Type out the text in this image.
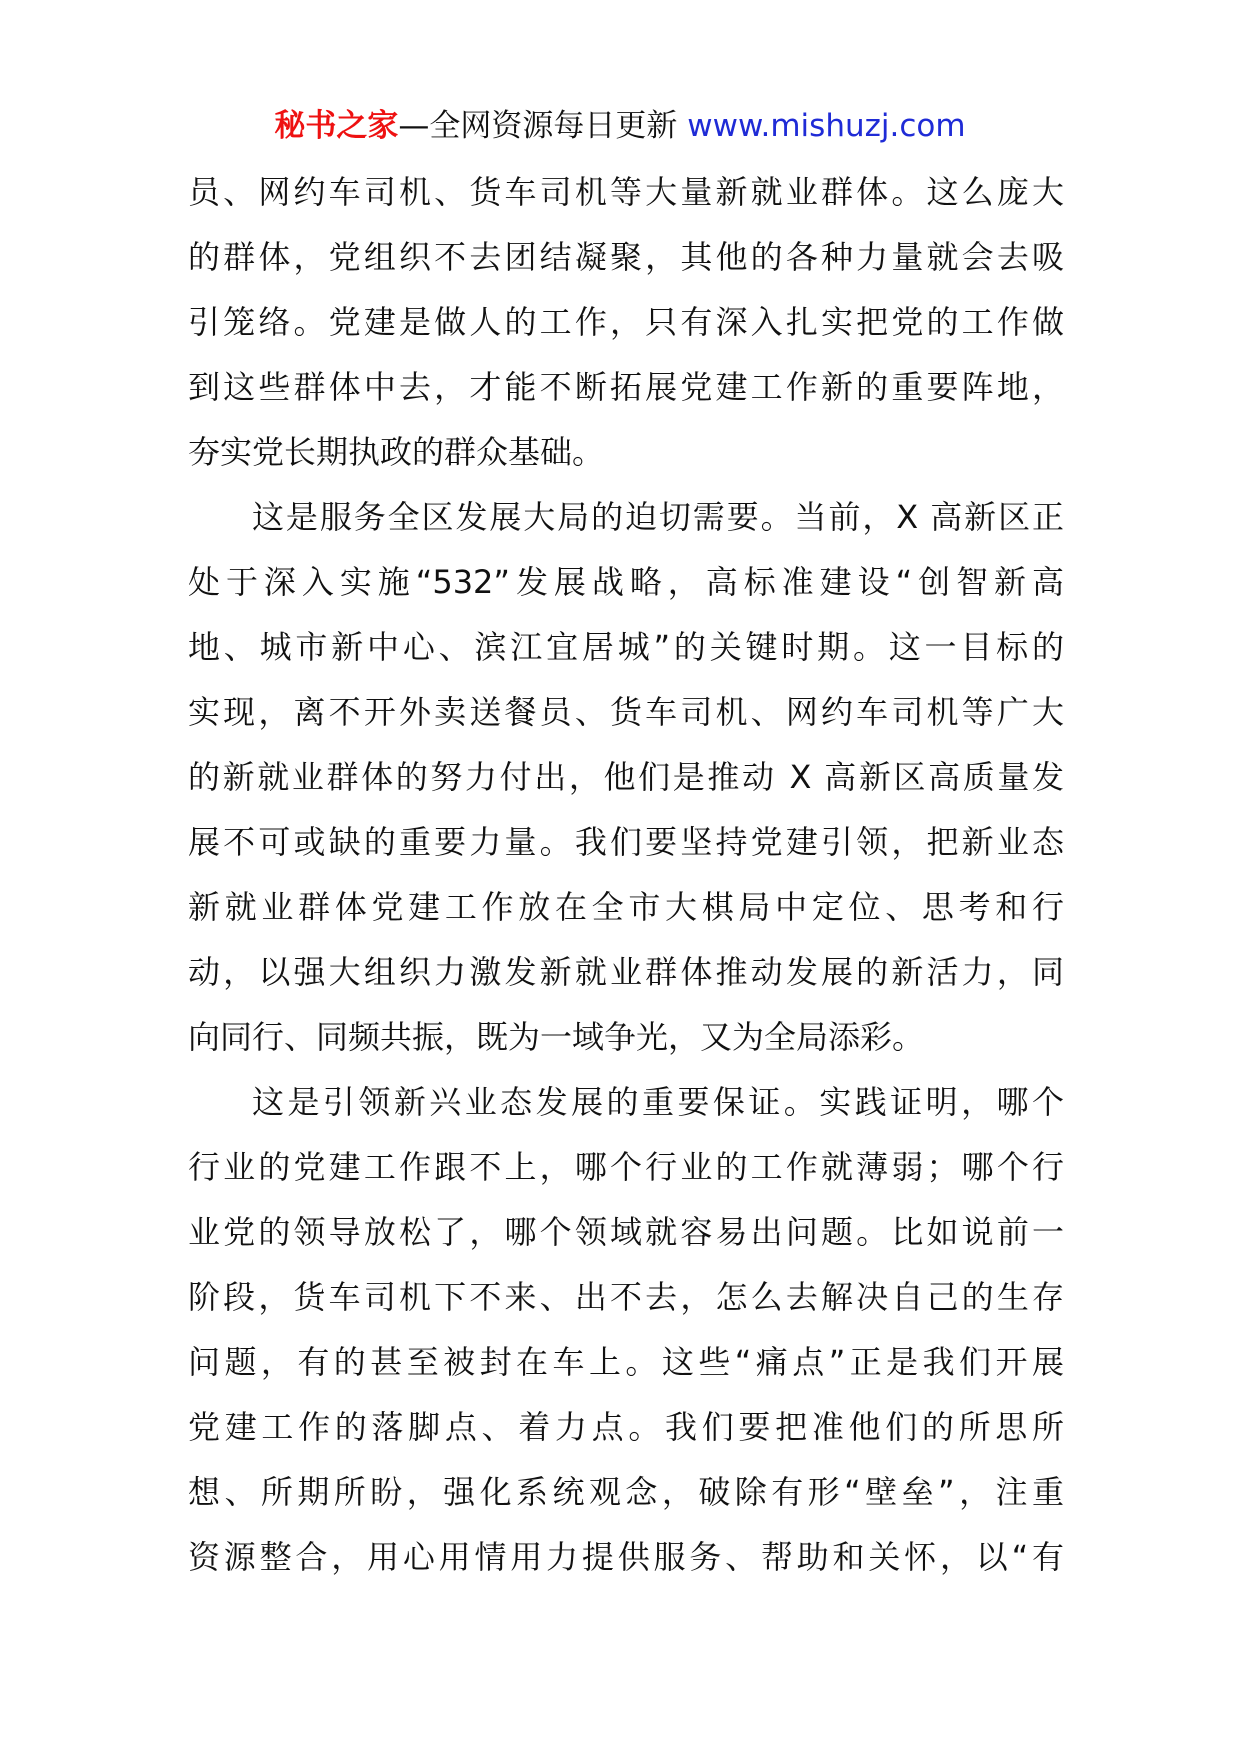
秘书之家—全网资源每日更新 www.mishuzj.com
员、网约车司机、货车司机等大量新就业群体。这么庞大
的群体，党组织不去团结凝聚，其他的各种力量就会去吸
引笼络。党建是做人的工作，只有深入扎实把党的工作做
到这些群体中去，才能不断拓展党建工作新的重要阵地，
夯实党长期执政的群众基础。
这是服务全区发展大局的迫切需要。当前，X 高新区正
处于深入实施“532”发展战略，高标准建设“创智新高
地、城市新中心、滨江宜居城”的关键时期。这一目标的
实现，离不开外卖送餐员、货车司机、网约车司机等广大
的新就业群体的努力付出，他们是推动 X 高新区高质量发
展不可或缺的重要力量。我们要坚持党建引领，把新业态
新就业群体党建工作放在全市大棋局中定位、思考和行
动，以强大组织力激发新就业群体推动发展的新活力，同
向同行、同频共振，既为一域争光，又为全局添彩。
这是引领新兴业态发展的重要保证。实践证明，哪个
行业的党建工作跟不上，哪个行业的工作就薄弱；哪个行
业党的领导放松了，哪个领域就容易出问题。比如说前一
阶段，货车司机下不来、出不去，怎么去解决自己的生存
问题，有的甚至被封在车上。这些“痛点”正是我们开展
党建工作的落脚点、着力点。我们要把准他们的所思所
想、所期所盼，强化系统观念，破除有形“壁垒”，注重
资源整合，用心用情用力提供服务、帮助和关怀，以“有
